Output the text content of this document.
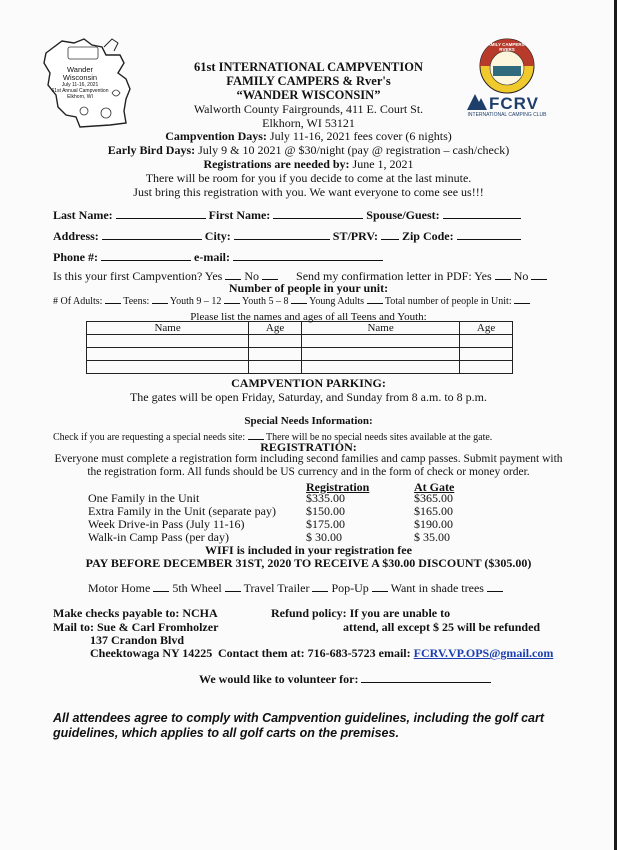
Wander Wisconsin
July 11-16, 2021
61st Annual Campvention
Elkhorn, WI	FCRV
INTERNATIONAL CAMPING CLUB
FAMILY CAMPERS & RVERS
61st INTERNATIONAL CAMPVENTION
FAMILY CAMPERS & Rver's
“WANDER WISCONSIN”
Walworth County Fairgrounds, 411 E. Court St.
Elkhorn, WI 53121
Campvention Days: July 11-16, 2021 fees cover (6 nights)
Early Bird Days: July 9 & 10 2021 @ $30/night (pay @ registration – cash/check)
Registrations are needed by: June 1, 2021
There will be room for you if you decide to come at the last minute.
Just bring this registration with you. We want everyone to come see us!!!
Last Name:	First Name:	Spouse/Guest:
Address:	City:	ST/PRV: Zip Code:
Phone #:	e-mail:
Is this your first Campvention? Yes No	Send my confirmation letter in PDF: Yes No
Number of people in your unit:
# Of Adults: Teens: Youth 9 – 12 Youth 5 – 8 Young Adults Total number of people in Unit:
Please list the names and ages of all Teens and Youth:
Name	Age	Name	Age

CAMPVENTION PARKING:
The gates will be open Friday, Saturday, and Sunday from 8 a.m. to 8 p.m.
Special Needs Information:
Check if you are requesting a special needs site: There will be no special needs sites available at the gate.
REGISTRATION:
Everyone must complete a registration form including second families and camp passes. Submit payment with
the registration form. All funds should be US currency and in the form of check or money order.
Registration	At Gate
One Family in the Unit	$335.00	$365.00
Extra Family in the Unit (separate pay)	$150.00	$165.00
Week Drive-in Pass (July 11-16)	$175.00	$190.00
Walk-in Camp Pass (per day)	$ 30.00	$ 35.00
WIFI is included in your registration fee
PAY BEFORE DECEMBER 31ST, 2020 TO RECEIVE A $30.00 DISCOUNT ($305.00)
Motor Home 5th Wheel Travel Trailer Pop-Up Want in shade trees
Make checks payable to: NCHA
Mail to: Sue & Carl Fromholzer
137 Crandon Blvd
Cheektowaga NY 14225
Refund policy: If you are unable to
attend, all except $ 25 will be refunded
Contact them at: 716-683-5723 email: FCRV.VP.OPS@gmail.com
We would like to volunteer for:
All attendees agree to comply with Campvention guidelines, including the golf cart
guidelines, which applies to all golf carts on the premises.
